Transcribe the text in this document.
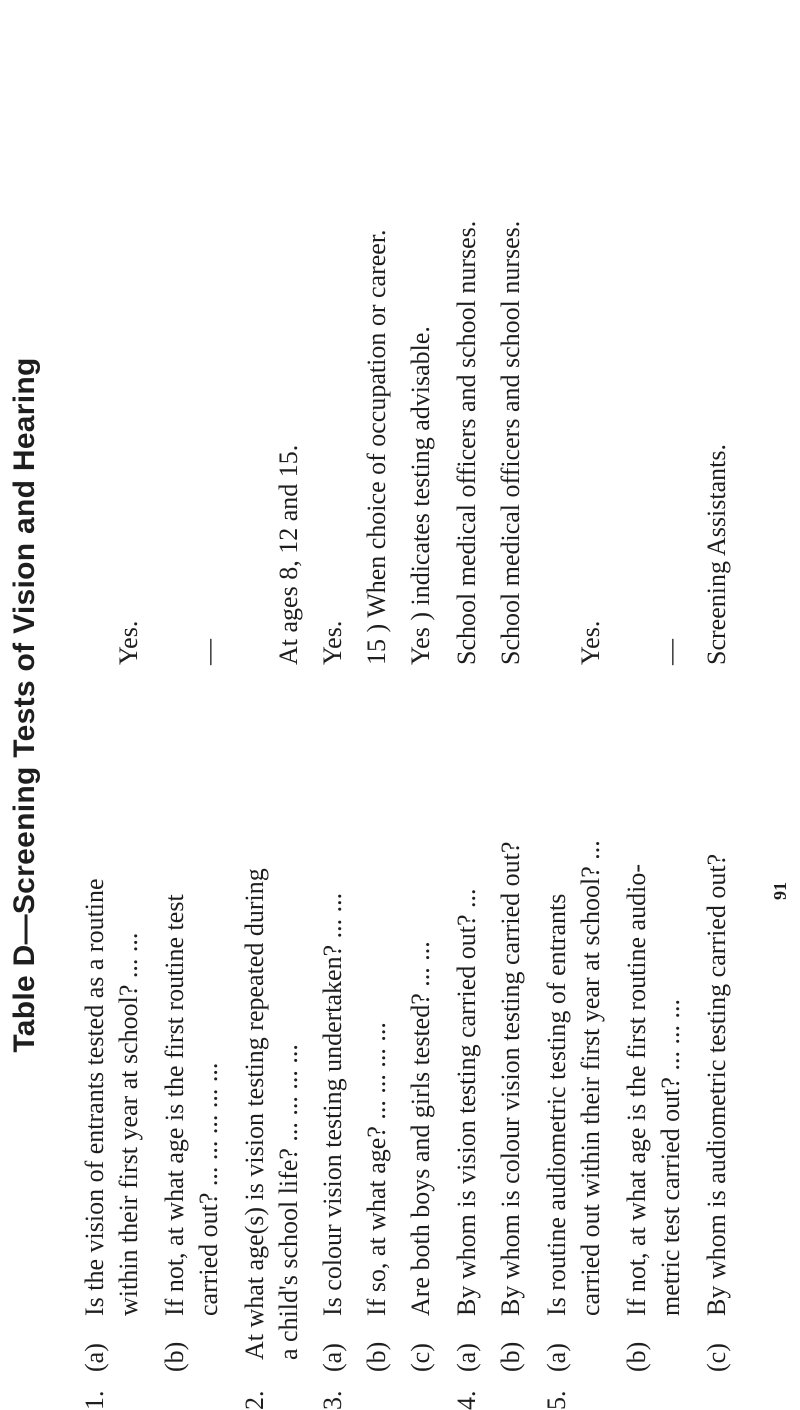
Table D—Screening Tests of Vision and Hearing
1.
(a)
Is the vision of entrants tested as a routine within their first year at school? ... ...
Yes.
(b)
If not, at what age is the first routine test carried out? ... ... ... ... ...
—
2.
At what age(s) is vision testing repeated during a child's school life? ... ... ... ...
At ages 8, 12 and 15.
3.
(a)
Is colour vision testing undertaken? ... ...
Yes.
(b)
If so, at what age? ... ... ... ...
15 ) When choice of occupation or career.
(c)
Are both boys and girls tested? ... ...
Yes ) indicates testing advisable.
4.
(a)
By whom is vision testing carried out? ...
School medical officers and school nurses.
(b)
By whom is colour vision testing carried out?
School medical officers and school nurses.
5.
(a)
Is routine audiometric testing of entrants carried out within their first year at school? ...
Yes.
(b)
If not, at what age is the first routine audio- metric test carried out? ... ... ...
—
(c)
By whom is audiometric testing carried out?
Screening Assistants.
91
